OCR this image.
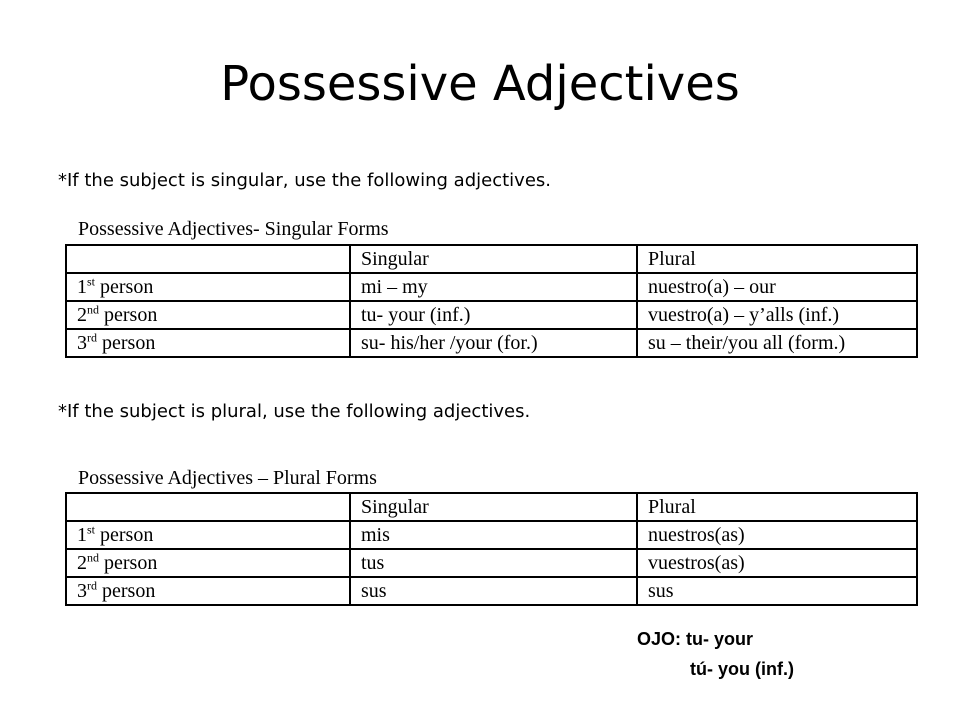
Possessive Adjectives
*If the subject is singular, use the following adjectives.
Possessive Adjectives- Singular Forms
	Singular	Plural
1st person	mi – my	nuestro(a) – our
2nd person	tu- your (inf.)	vuestro(a) – y’alls (inf.)
3rd person	su- his/her /your (for.)	su – their/you all (form.)
*If the subject is plural, use the following adjectives.
Possessive Adjectives – Plural Forms
	Singular	Plural
1st person	mis	nuestros(as)
2nd person	tus	vuestros(as)
3rd person	sus	sus
OJO: tu- your
tú- you (inf.)
